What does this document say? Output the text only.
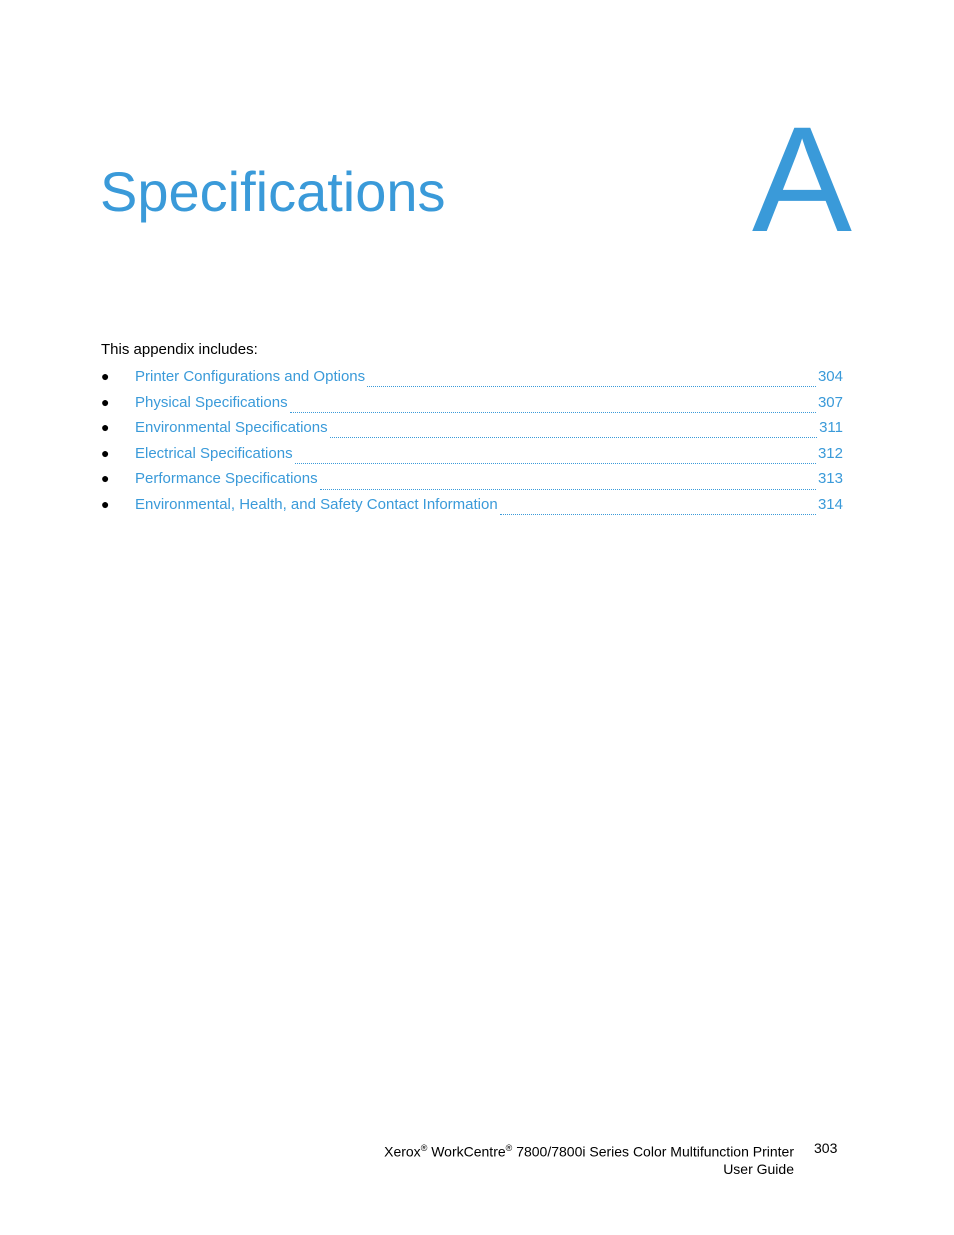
Specifications A
This appendix includes:
●	Printer Configurations and Options	304
●	Physical Specifications	307
●	Environmental Specifications	311
●	Electrical Specifications	312
●	Performance Specifications	313
●	Environmental, Health, and Safety Contact Information	314
Xerox® WorkCentre® 7800/7800i Series Color Multifunction Printer
User Guide
303
